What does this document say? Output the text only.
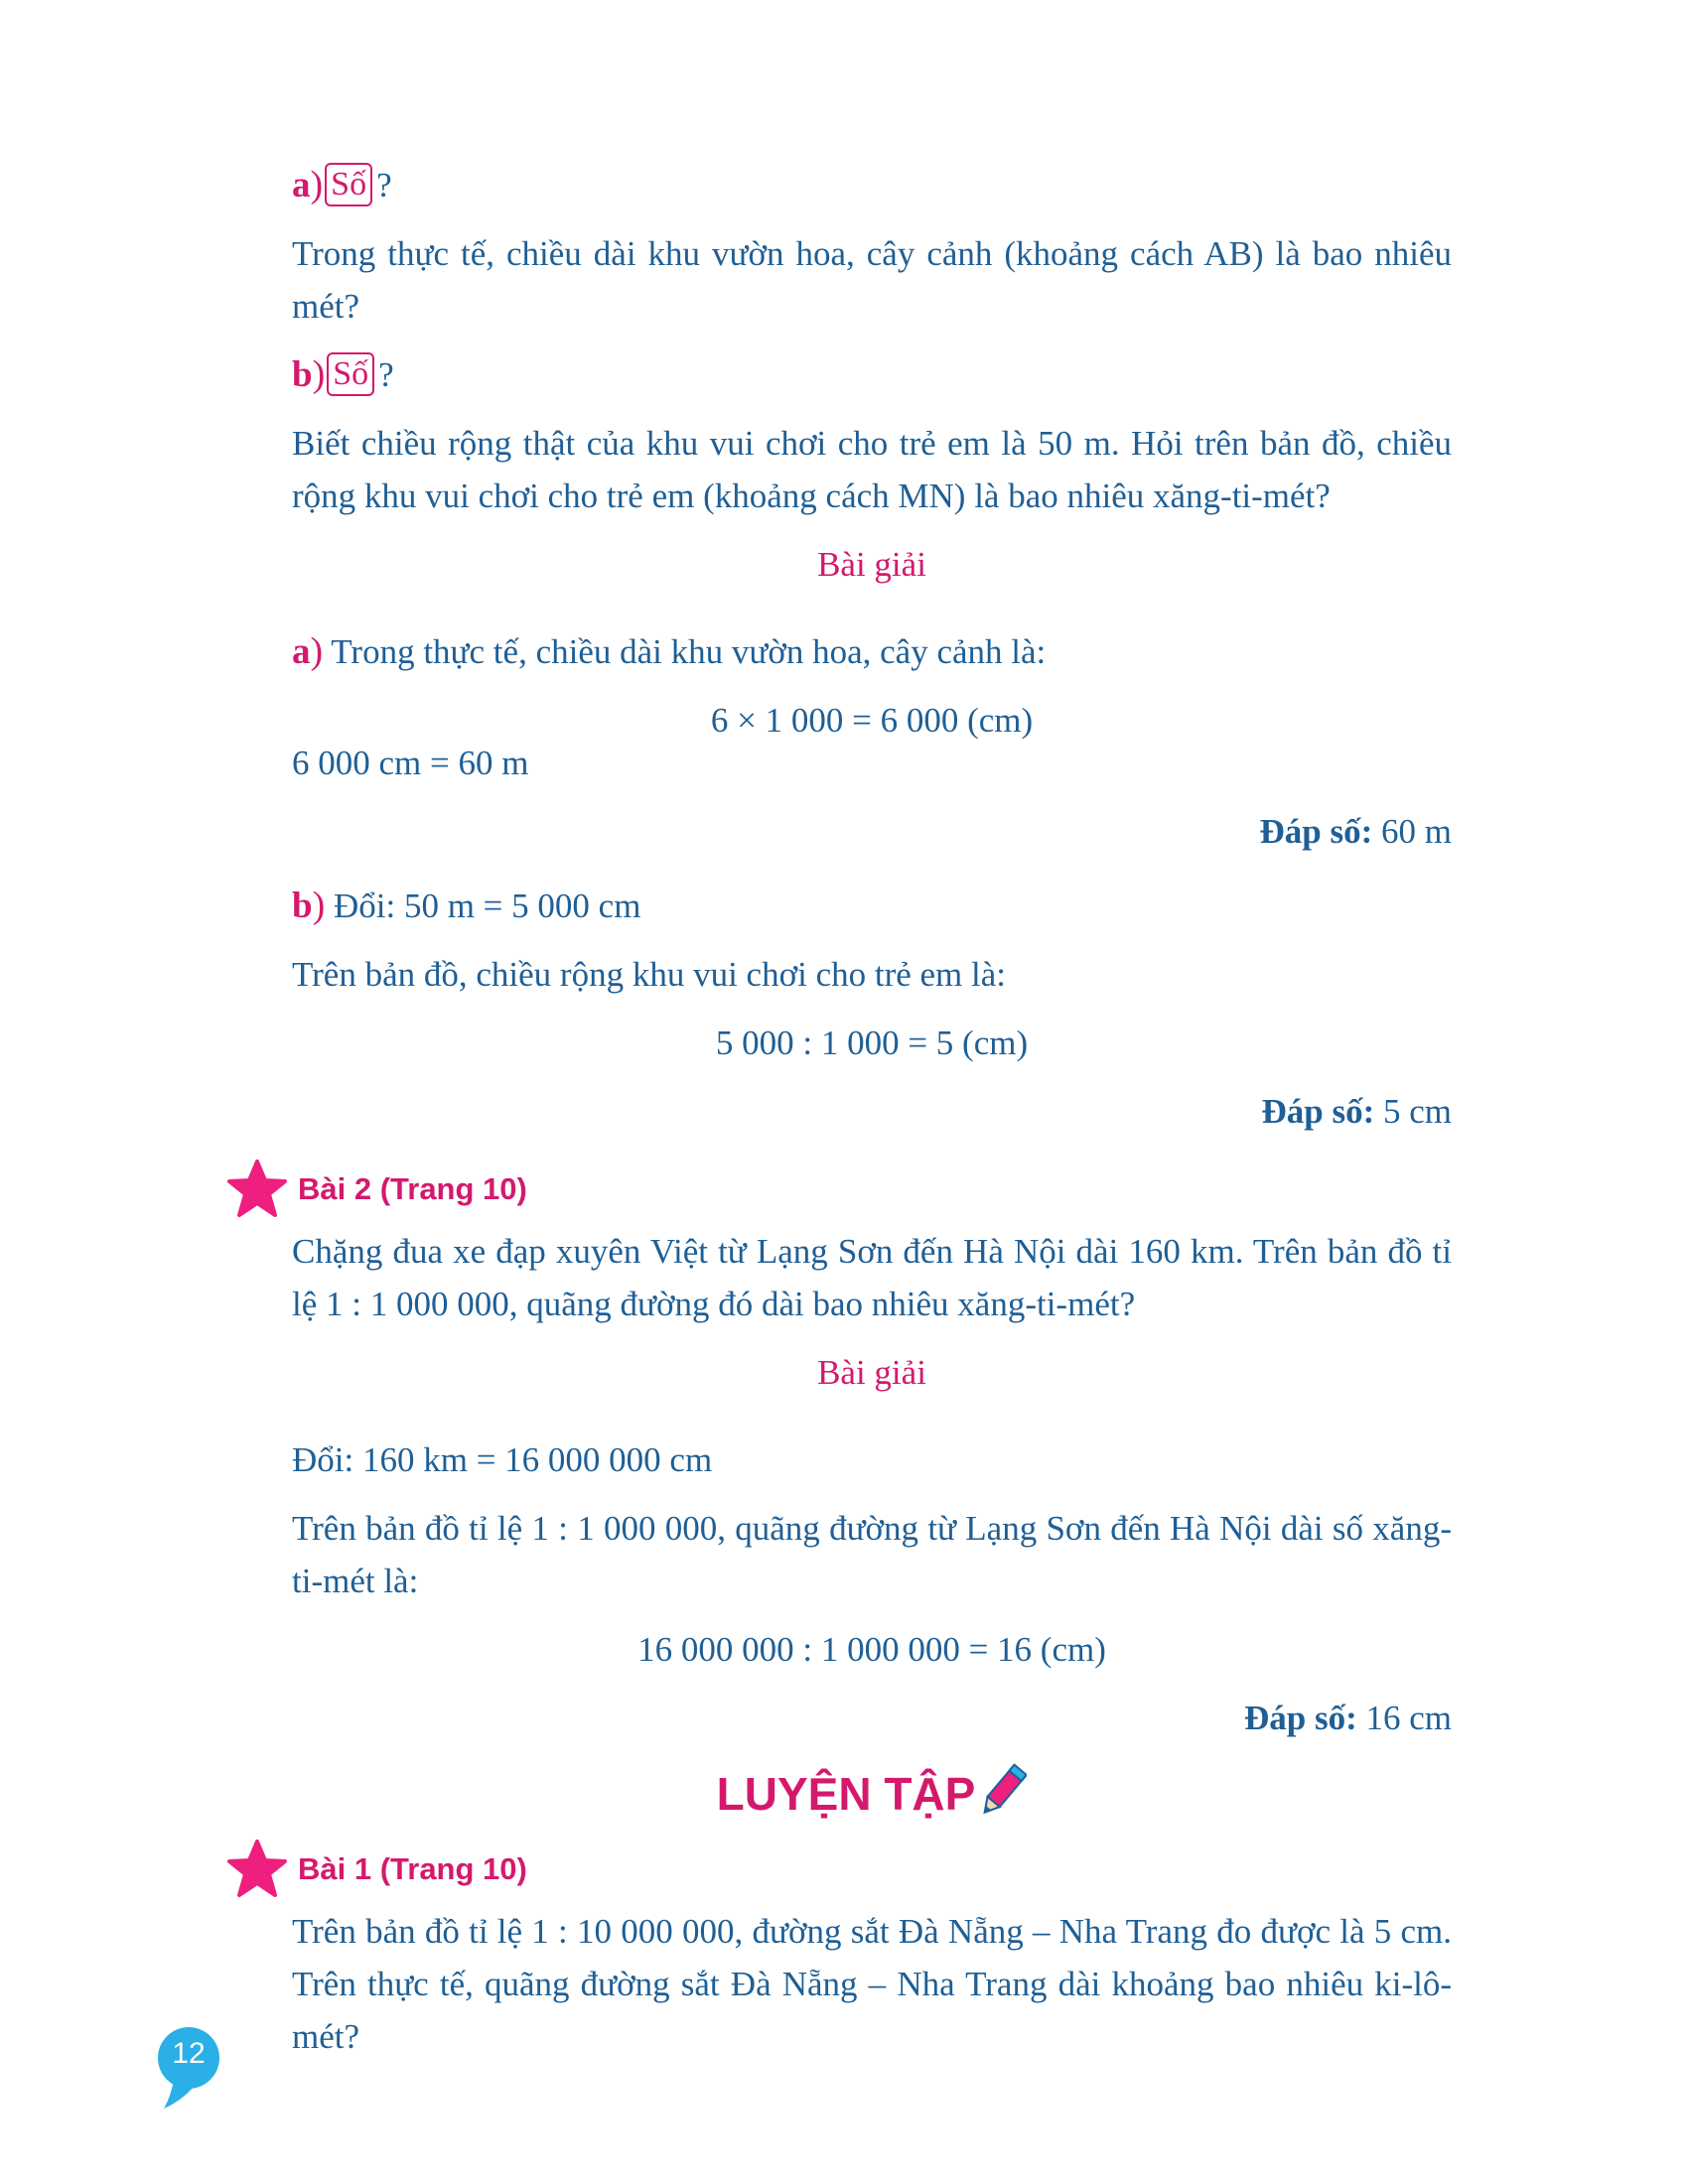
a) Số ?

Trong thực tế, chiều dài khu vườn hoa, cây cảnh (khoảng cách AB) là bao nhiêu mét?

b) Số ?

Biết chiều rộng thật của khu vui chơi cho trẻ em là 50 m. Hỏi trên bản đồ, chiều rộng khu vui chơi cho trẻ em (khoảng cách MN) là bao nhiêu xăng-ti-mét?

Bài giải

a) Trong thực tế, chiều dài khu vườn hoa, cây cảnh là:

6 × 1 000 = 6 000 (cm)

6 000 cm = 60 m

Đáp số: 60 m

b) Đổi: 50 m = 5 000 cm

Trên bản đồ, chiều rộng khu vui chơi cho trẻ em là:

5 000 : 1 000 = 5 (cm)

Đáp số: 5 cm

Bài 2 (Trang 10)

Chặng đua xe đạp xuyên Việt từ Lạng Sơn đến Hà Nội dài 160 km. Trên bản đồ tỉ lệ 1 : 1 000 000, quãng đường đó dài bao nhiêu xăng-ti-mét?

Bài giải

Đổi: 160 km = 16 000 000 cm

Trên bản đồ tỉ lệ 1 : 1 000 000, quãng đường từ Lạng Sơn đến Hà Nội dài số xăng-ti-mét là:

16 000 000 : 1 000 000 = 16 (cm)

Đáp số: 16 cm

LUYỆN TẬP
Bài 1 (Trang 10)

Trên bản đồ tỉ lệ 1 : 10 000 000, đường sắt Đà Nẵng – Nha Trang đo được là 5 cm. Trên thực tế, quãng đường sắt Đà Nẵng – Nha Trang dài khoảng bao nhiêu ki-lô-mét?

12
